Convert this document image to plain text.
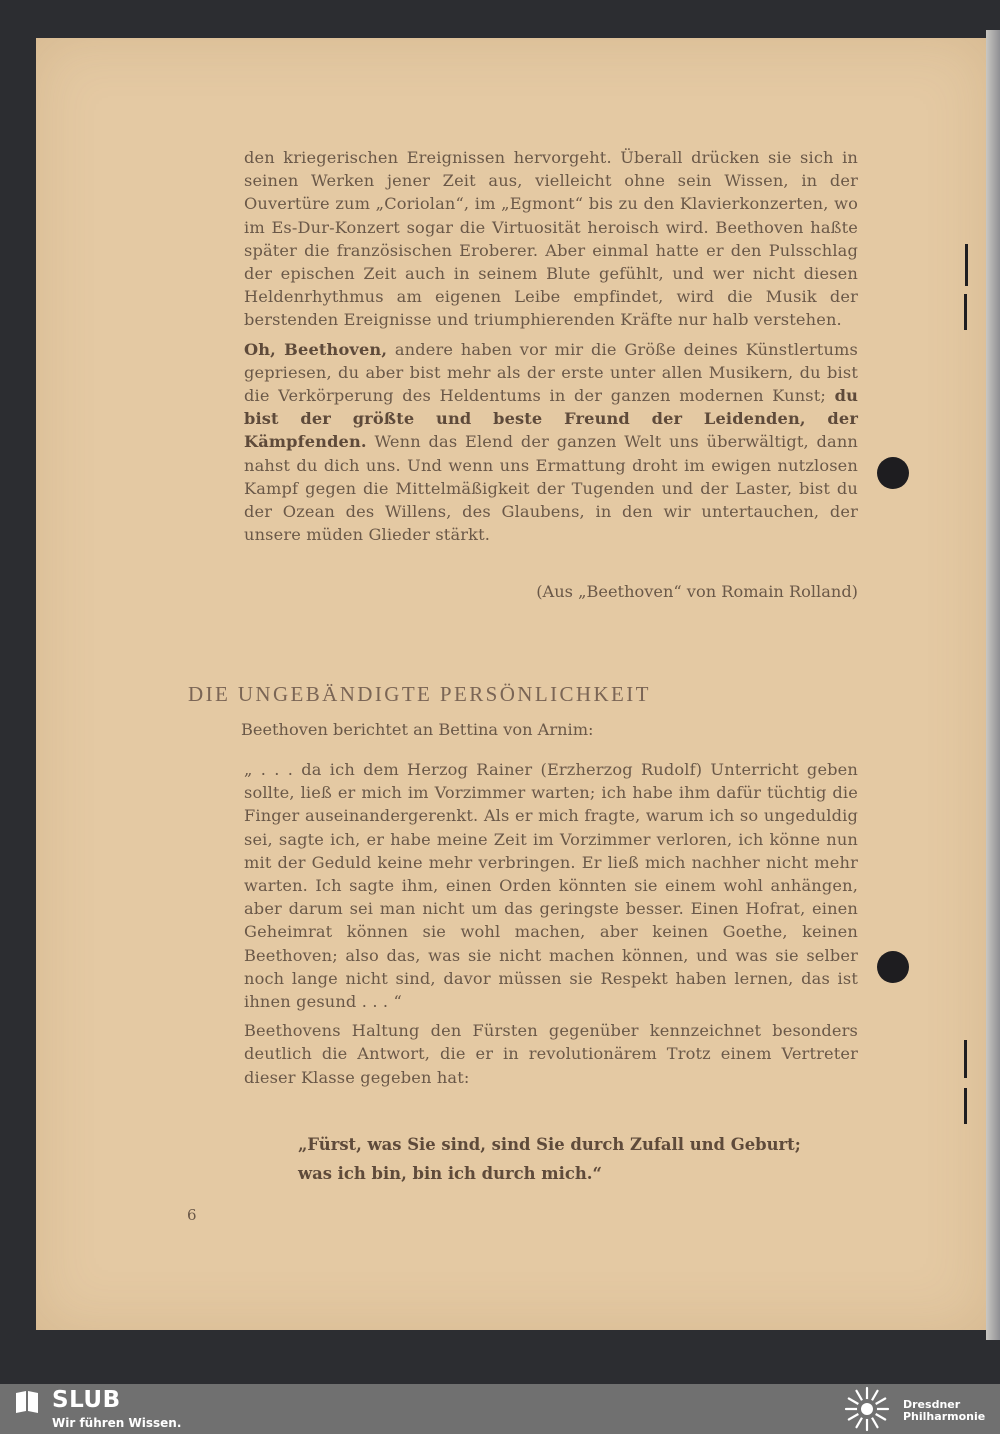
den kriegerischen Ereignissen hervorgeht. Überall drücken sie sich in seinen Werken jener Zeit aus, vielleicht ohne sein Wissen, in der Ouvertüre zum „Coriolan“, im „Egmont“ bis zu den Klavierkonzerten, wo im Es-Dur-Konzert sogar die Virtuosität heroisch wird. Beethoven haßte später die französischen Eroberer. Aber einmal hatte er den Pulsschlag der epischen Zeit auch in seinem Blute gefühlt, und wer nicht diesen Heldenrhythmus am eigenen Leibe empfindet, wird die Musik der berstenden Ereignisse und triumphierenden Kräfte nur halb verstehen.

Oh, Beethoven, andere haben vor mir die Größe deines Künstlertums gepriesen, du aber bist mehr als der erste unter allen Musikern, du bist die Verkörperung des Heldentums in der ganzen modernen Kunst; du bist der größte und beste Freund der Leidenden, der Kämpfenden. Wenn das Elend der ganzen Welt uns überwältigt, dann nahst du dich uns. Und wenn uns Ermattung droht im ewigen nutzlosen Kampf gegen die Mittelmäßigkeit der Tugenden und der Laster, bist du der Ozean des Willens, des Glaubens, in den wir untertauchen, der unsere müden Glieder stärkt.

(Aus „Beethoven“ von Romain Rolland)
DIE UNGEBÄNDIGTE PERSÖNLICHKEIT
Beethoven berichtet an Bettina von Arnim:

„ . . . da ich dem Herzog Rainer (Erzherzog Rudolf) Unterricht geben sollte, ließ er mich im Vorzimmer warten; ich habe ihm dafür tüchtig die Finger auseinandergerenkt. Als er mich fragte, warum ich so ungeduldig sei, sagte ich, er habe meine Zeit im Vorzimmer verloren, ich könne nun mit der Geduld keine mehr verbringen. Er ließ mich nachher nicht mehr warten. Ich sagte ihm, einen Orden könnten sie einem wohl anhängen, aber darum sei man nicht um das geringste besser. Einen Hofrat, einen Geheimrat können sie wohl machen, aber keinen Goethe, keinen Beethoven; also das, was sie nicht machen können, und was sie selber noch lange nicht sind, davor müssen sie Respekt haben lernen, das ist ihnen gesund . . . “

Beethovens Haltung den Fürsten gegenüber kennzeichnet besonders deutlich die Antwort, die er in revolutionärem Trotz einem Vertreter dieser Klasse gegeben hat:

„Fürst, was Sie sind, sind Sie durch Zufall und Geburt;
was ich bin, bin ich durch mich.“
6
SLUB
Wir führen Wissen.
Dresdner
Philharmonie
